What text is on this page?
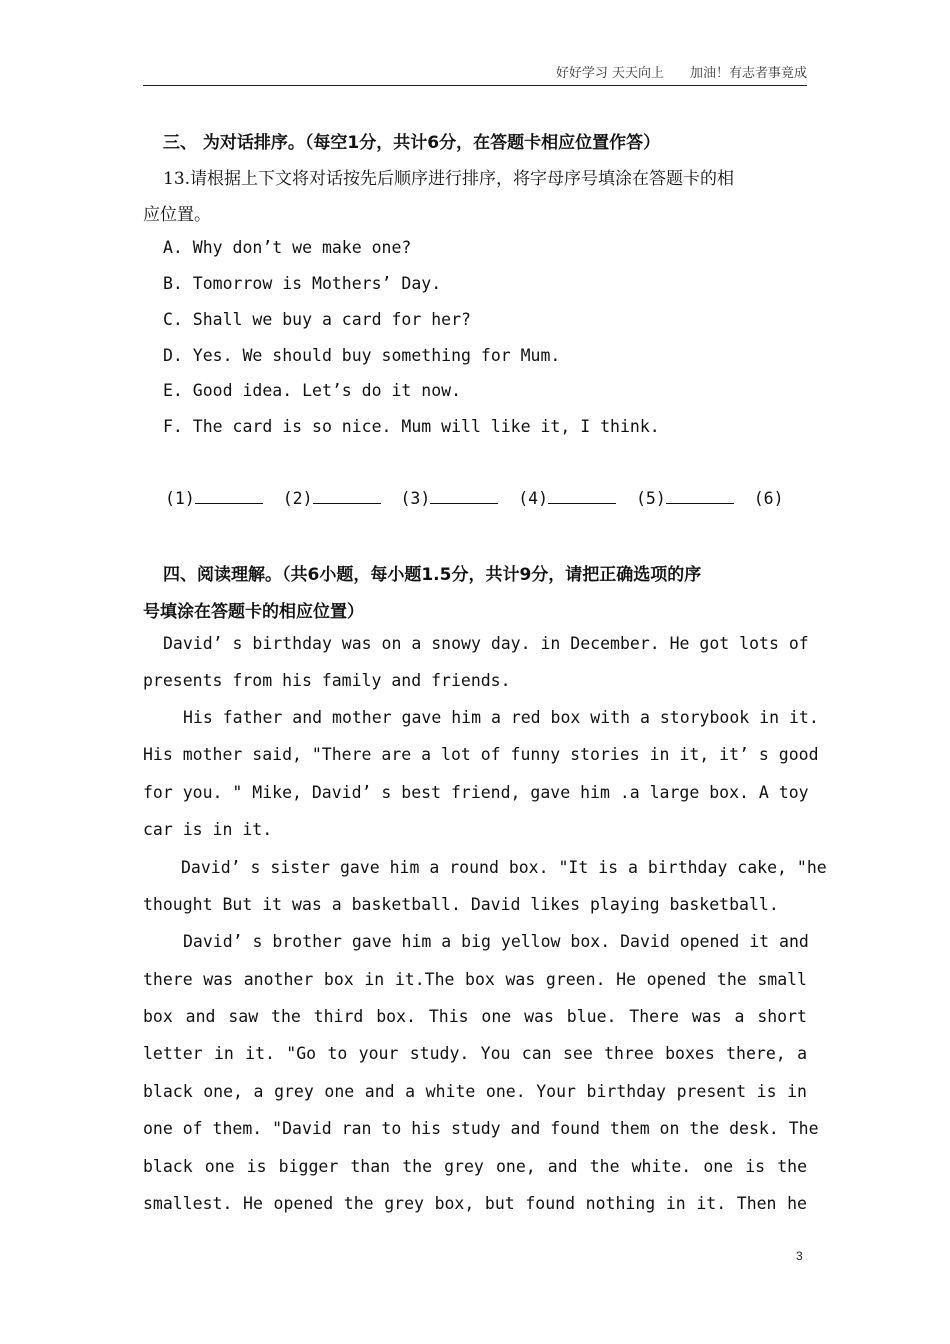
好好学习 天天向上 加油！有志者事竟成
三、 为对话排序。（每空1分，共计6分，在答题卡相应位置作答）
13.请根据上下文将对话按先后顺序进行排序，将字母序号填涂在答题卡的相
应位置。
A. Why don’t we make one?
B. Tomorrow is Mothers’ Day.
C. Shall we buy a card for her?
D. Yes. We should buy something for Mum.
E. Good idea. Let’s do it now.
F. The card is so nice. Mum will like it, I think.
(1)	(2)	(3)	(4)	(5)	(6)
四、阅读理解。（共6小题，每小题1.5分，共计9分，请把正确选项的序
号填涂在答题卡的相应位置）
David’ s birthday was on a snowy day. in December. He got lots of
presents from his family and friends.
His father and mother gave him a red box with a storybook in it.
His mother said, "There are a lot of funny stories in it, it’ s good
for you. " Mike, David’ s best friend, gave him .a large box. A toy
car is in it.
David’ s sister gave him a round box. "It is a birthday cake, "he
thought But it was a basketball. David likes playing basketball.
David’ s brother gave him a big yellow box. David opened it and
there was another box in it.The box was green. He opened the small
box and saw the third box. This one was blue. There was a short
letter in it. "Go to your study. You can see three boxes there, a
black one, a grey one and a white one. Your birthday present is in
one of them. "David ran to his study and found them on the desk. The
black one is bigger than the grey one, and the white. one is the
smallest. He opened the grey box, but found nothing in it. Then he
3
